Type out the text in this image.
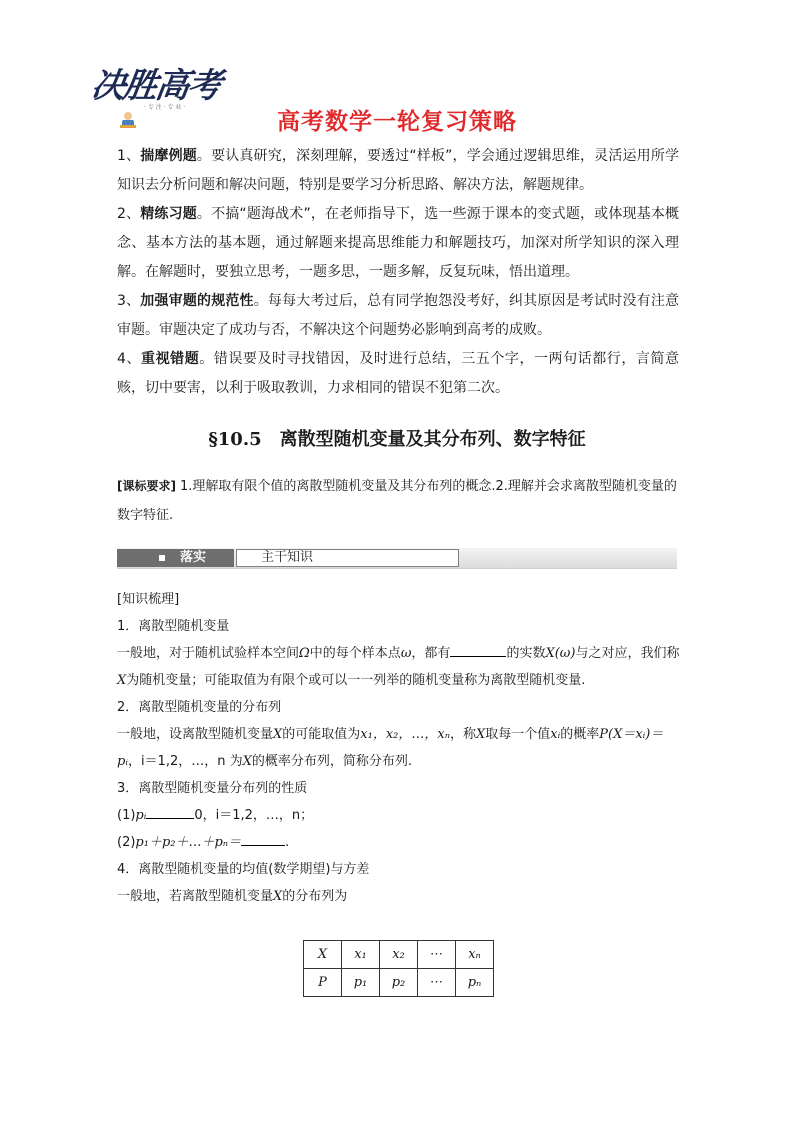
决胜高考
· 专 注 · 专 业 ·
高考数学一轮复习策略

1、揣摩例题。要认真研究，深刻理解，要透过“样板”，学会通过逻辑思维，灵活运用所学知识去分析问题和解决问题，特别是要学习分析思路、解决方法，解题规律。

2、精练习题。不搞“题海战术”，在老师指导下，选一些源于课本的变式题，或体现基本概念、基本方法的基本题，通过解题来提高思维能力和解题技巧，加深对所学知识的深入理解。在解题时，要独立思考，一题多思，一题多解，反复玩味，悟出道理。

3、加强审题的规范性。每每大考过后，总有同学抱怨没考好，纠其原因是考试时没有注意审题。审题决定了成功与否，不解决这个问题势必影响到高考的成败。

4、重视错题。错误要及时寻找错因，及时进行总结，三五个字，一两句话都行，言简意赅，切中要害，以利于吸取教训，力求相同的错误不犯第二次。

§10.5 离散型随机变量及其分布列、数字特征

[课标要求] 1.理解取有限个值的离散型随机变量及其分布列的概念.2.理解并会求离散型随机变量的数字特征.

落实	主干知识

[知识梳理]

1．离散型随机变量

一般地，对于随机试验样本空间Ω中的每个样本点ω，都有	的实数X(ω)与之对应，我们称X为随机变量；可能取值为有限个或可以一一列举的随机变量称为离散型随机变量.

2．离散型随机变量的分布列

一般地，设离散型随机变量X的可能取值为x₁，x₂，…，xₙ，称X取每一个值xᵢ的概率P(X＝xᵢ)＝pᵢ，i＝1,2，…，n 为X的概率分布列，简称分布列.

3．离散型随机变量分布列的性质

(1)pᵢ	0，i＝1,2，…，n；

(2)p₁＋p₂＋…＋pₙ＝	.

4．离散型随机变量的均值(数学期望)与方差

一般地，若离散型随机变量X的分布列为

X	x₁	x₂	⋯	xₙ
P	p₁	p₂	⋯	pₙ
